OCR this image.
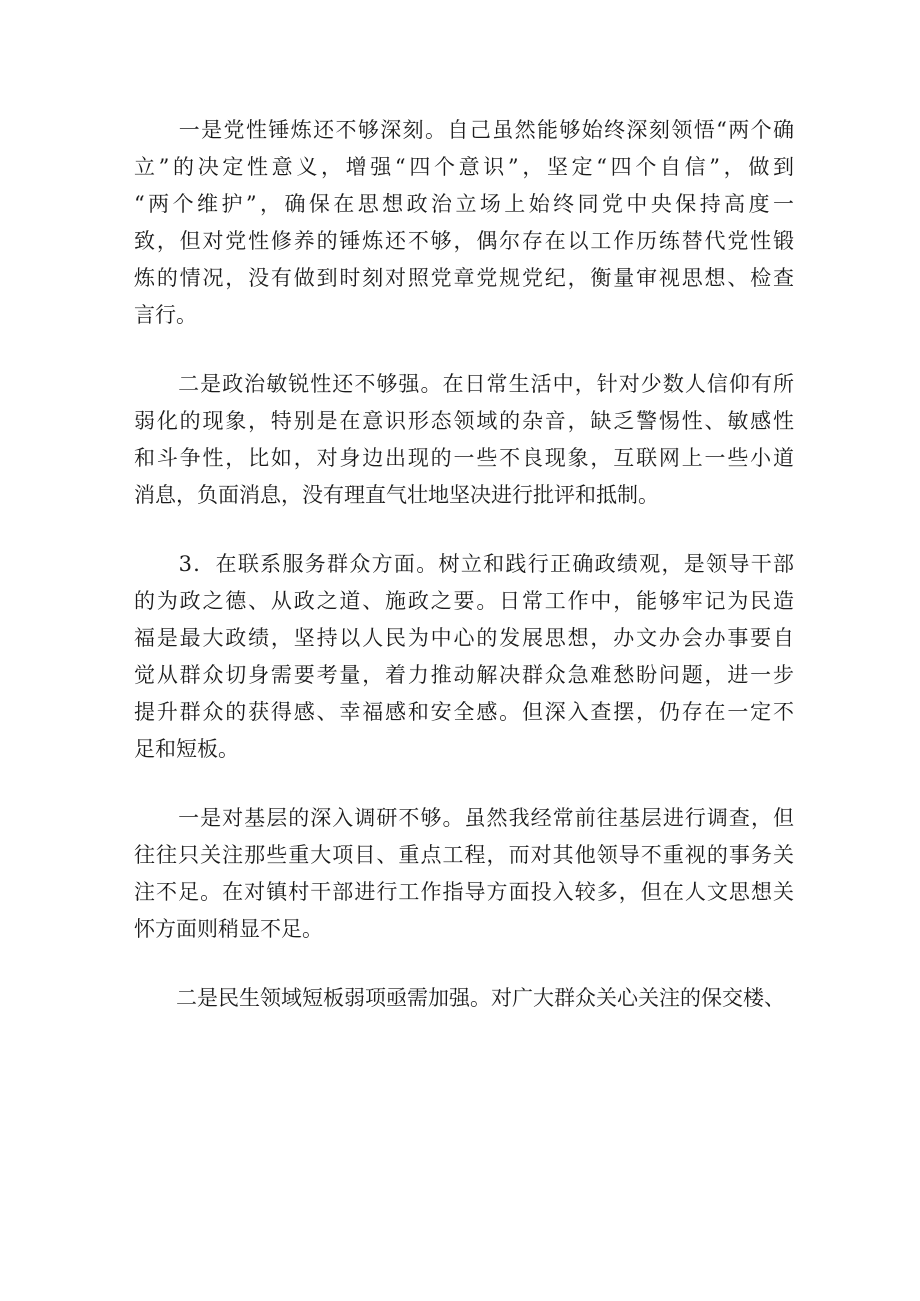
　　一是党性锤炼还不够深刻。自己虽然能够始终深刻领悟“两个确
立”的决定性意义，增强“四个意识”，坚定“四个自信”，做到
“两个维护”，确保在思想政治立场上始终同党中央保持高度一
致，但对党性修养的锤炼还不够，偶尔存在以工作历练替代党性锻
炼的情况，没有做到时刻对照党章党规党纪，衡量审视思想、检查
言行。
　　二是政治敏锐性还不够强。在日常生活中，针对少数人信仰有所
弱化的现象，特别是在意识形态领域的杂音，缺乏警惕性、敏感性
和斗争性，比如，对身边出现的一些不良现象，互联网上一些小道
消息，负面消息，没有理直气壮地坚决进行批评和抵制。
　　3．在联系服务群众方面。树立和践行正确政绩观，是领导干部
的为政之德、从政之道、施政之要。日常工作中，能够牢记为民造
福是最大政绩，坚持以人民为中心的发展思想，办文办会办事要自
觉从群众切身需要考量，着力推动解决群众急难愁盼问题，进一步
提升群众的获得感、幸福感和安全感。但深入查摆，仍存在一定不
足和短板。
　　一是对基层的深入调研不够。虽然我经常前往基层进行调查，但
往往只关注那些重大项目、重点工程，而对其他领导不重视的事务关
注不足。在对镇村干部进行工作指导方面投入较多，但在人文思想关
怀方面则稍显不足。
　　二是民生领域短板弱项亟需加强。对广大群众关心关注的保交楼、
